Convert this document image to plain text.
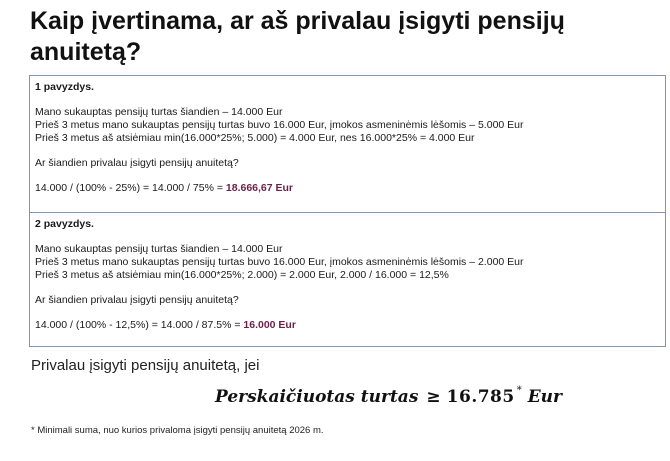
Kaip įvertinama, ar aš privalau įsigyti pensijų anuitetą?
1 pavyzdys.
Mano sukauptas pensijų turtas šiandien – 14.000 Eur
Prieš 3 metus mano sukauptas pensijų turtas buvo 16.000 Eur, įmokos asmeninėmis lėšomis – 5.000 Eur
Prieš 3 metus aš atsiėmiau min(16.000*25%; 5.000) = 4.000 Eur, nes 16.000*25% = 4.000 Eur
Ar šiandien privalau įsigyti pensijų anuitetą?
14.000 / (100% - 25%) = 14.000 / 75% = 18.666,67 Eur
2 pavyzdys.
Mano sukauptas pensijų turtas šiandien – 14.000 Eur
Prieš 3 metus mano sukauptas pensijų turtas buvo 16.000 Eur, įmokos asmeninėmis lėšomis – 2.000 Eur
Prieš 3 metus aš atsiėmiau min(16.000*25%; 2.000) = 2.000 Eur, 2.000 / 16.000 = 12,5%
Ar šiandien privalau įsigyti pensijų anuitetą?
14.000 / (100% - 12,5%) = 14.000 / 87.5% = 16.000 Eur
Privalau įsigyti pensijų anuitetą, jei
Perskaičiuotas turtas ≥ 16.785 * Eur
* Minimali suma, nuo kurios privaloma įsigyti pensijų anuitetą 2026 m.
